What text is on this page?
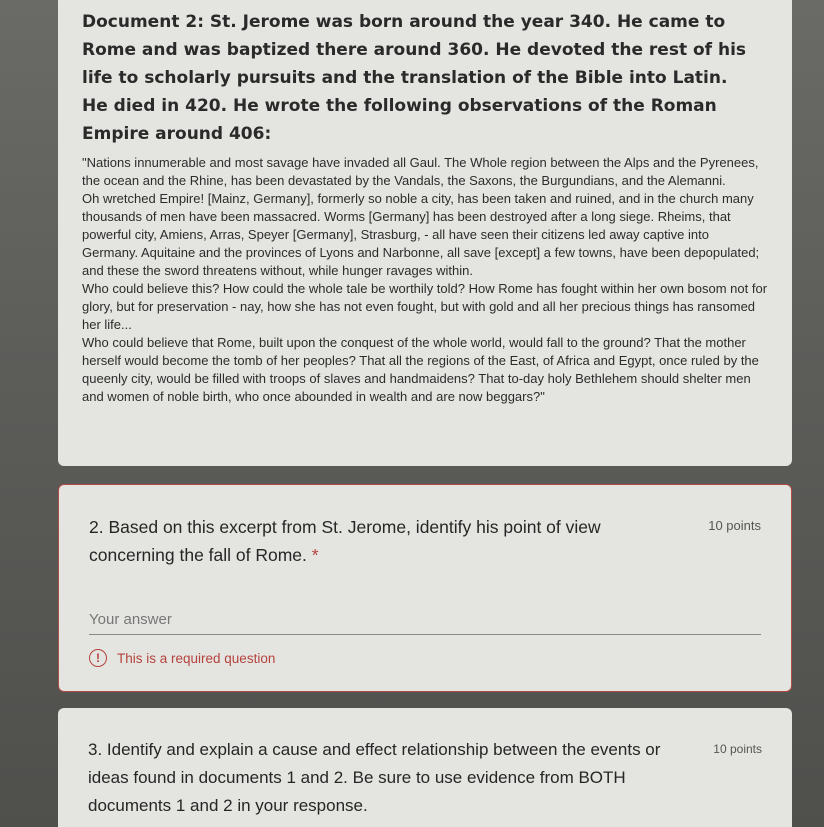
Document 2: St. Jerome was born around the year 340. He came to Rome and was baptized there around 360. He devoted the rest of his life to scholarly pursuits and the translation of the Bible into Latin. He died in 420. He wrote the following observations of the Roman Empire around 406:

"Nations innumerable and most savage have invaded all Gaul. The Whole region between the Alps and the Pyrenees, the ocean and the Rhine, has been devastated by the Vandals, the Saxons, the Burgundians, and the Alemanni.

Oh wretched Empire! [Mainz, Germany], formerly so noble a city, has been taken and ruined, and in the church many thousands of men have been massacred. Worms [Germany] has been destroyed after a long siege. Rheims, that powerful city, Amiens, Arras, Speyer [Germany], Strasburg, - all have seen their citizens led away captive into Germany. Aquitaine and the provinces of Lyons and Narbonne, all save [except] a few towns, have been depopulated; and these the sword threatens without, while hunger ravages within.

Who could believe this? How could the whole tale be worthily told? How Rome has fought within her own bosom not for glory, but for preservation - nay, how she has not even fought, but with gold and all her precious things has ransomed her life...

Who could believe that Rome, built upon the conquest of the whole world, would fall to the ground? That the mother herself would become the tomb of her peoples? That all the regions of the East, of Africa and Egypt, once ruled by the queenly city, would be filled with troops of slaves and handmaidens? That to-day holy Bethlehem should shelter men and women of noble birth, who once abounded in wealth and are now beggars?"

2. Based on this excerpt from St. Jerome, identify his point of view concerning the fall of Rome. *
10 points
Your answer
!	This is a required question
3. Identify and explain a cause and effect relationship between the events or ideas found in documents 1 and 2. Be sure to use evidence from BOTH documents 1 and 2 in your response.
10 points
